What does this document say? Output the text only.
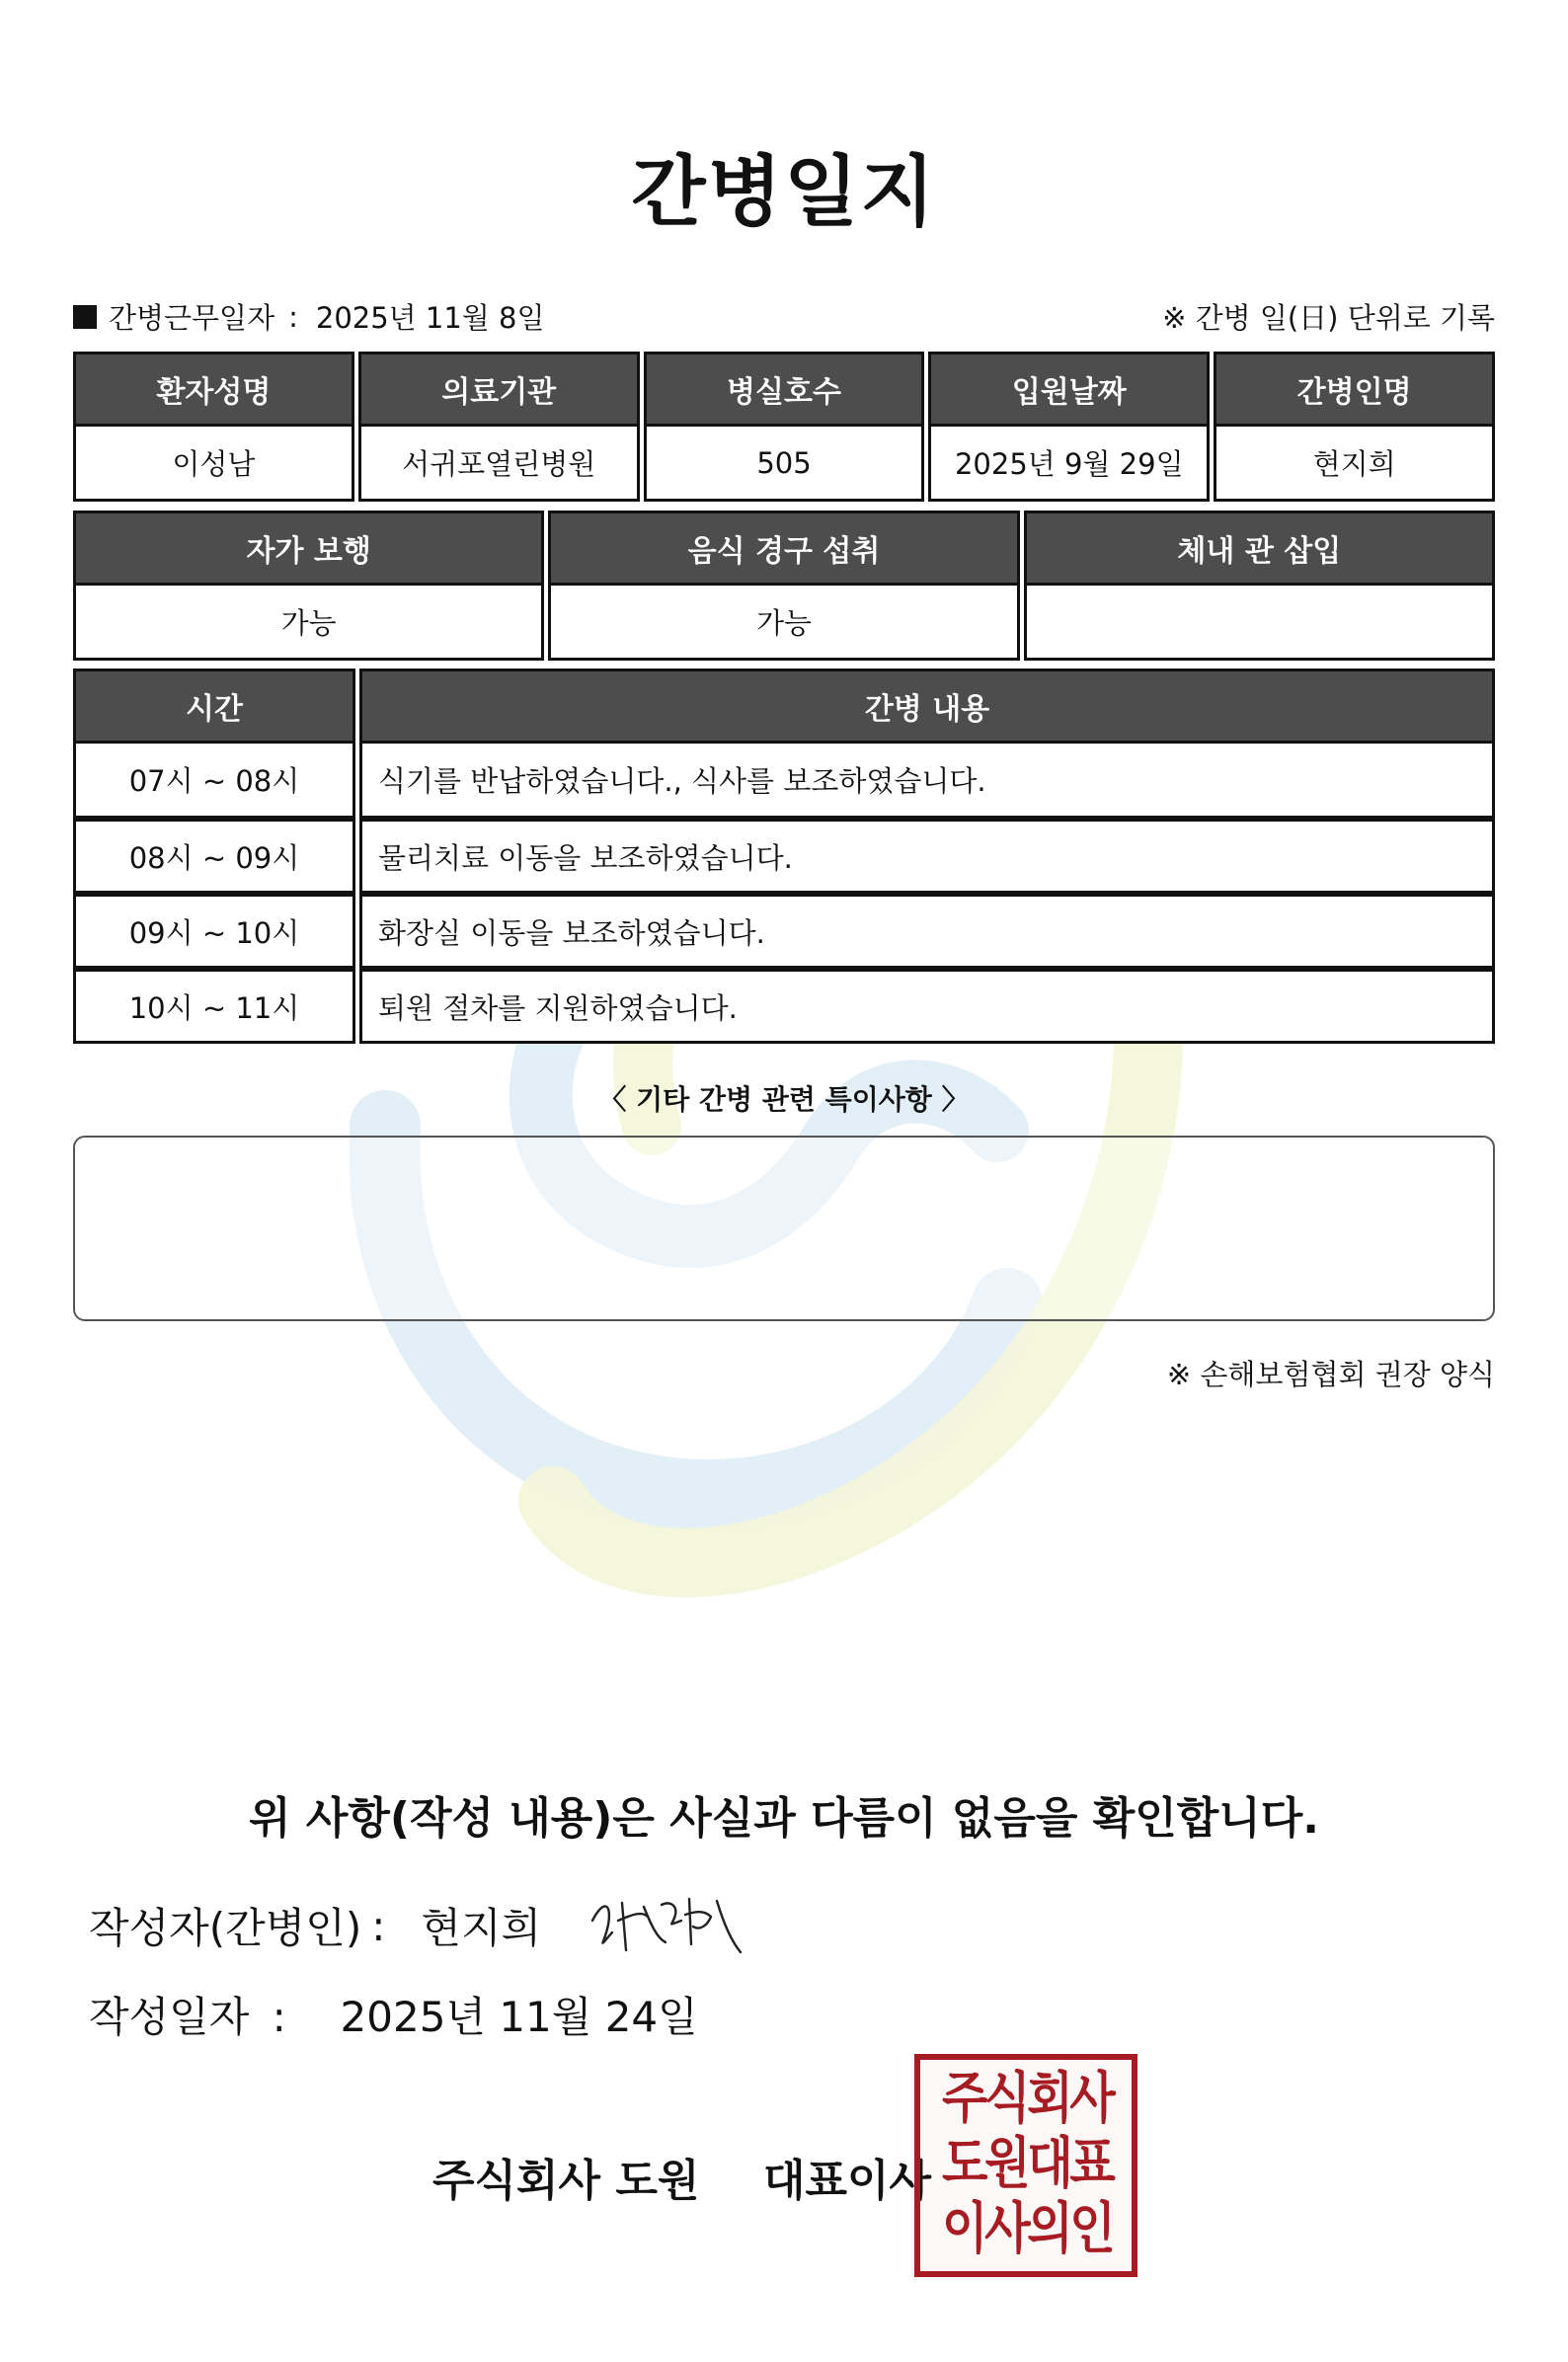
간병일지
간병근무일자 : 2025년 11월 8일	※ 간병 일(日) 단위로 기록
환자성명	의료기관	병실호수	입원날짜	간병인명
이성남	서귀포열린병원	505	2025년 9월 29일	현지희
자가 보행	음식 경구 섭취	체내 관 삽입
가능	가능	
시간	간병 내용
07시 ~ 08시	식기를 반납하였습니다., 식사를 보조하였습니다.
08시 ~ 09시	물리치료 이동을 보조하였습니다.
09시 ~ 10시	화장실 이동을 보조하였습니다.
10시 ~ 11시	퇴원 절차를 지원하였습니다.
〈 기타 간병 관련 특이사항 〉
※ 손해보험협회 권장 양식
위 사항(작성 내용)은 사실과 다름이 없음을 확인합니다.
작성자(간병인) : 현지희
작성일자 : 2025년 11월 24일
주식회사 도원 대표이사
주식회사
도원대표
이사의인
